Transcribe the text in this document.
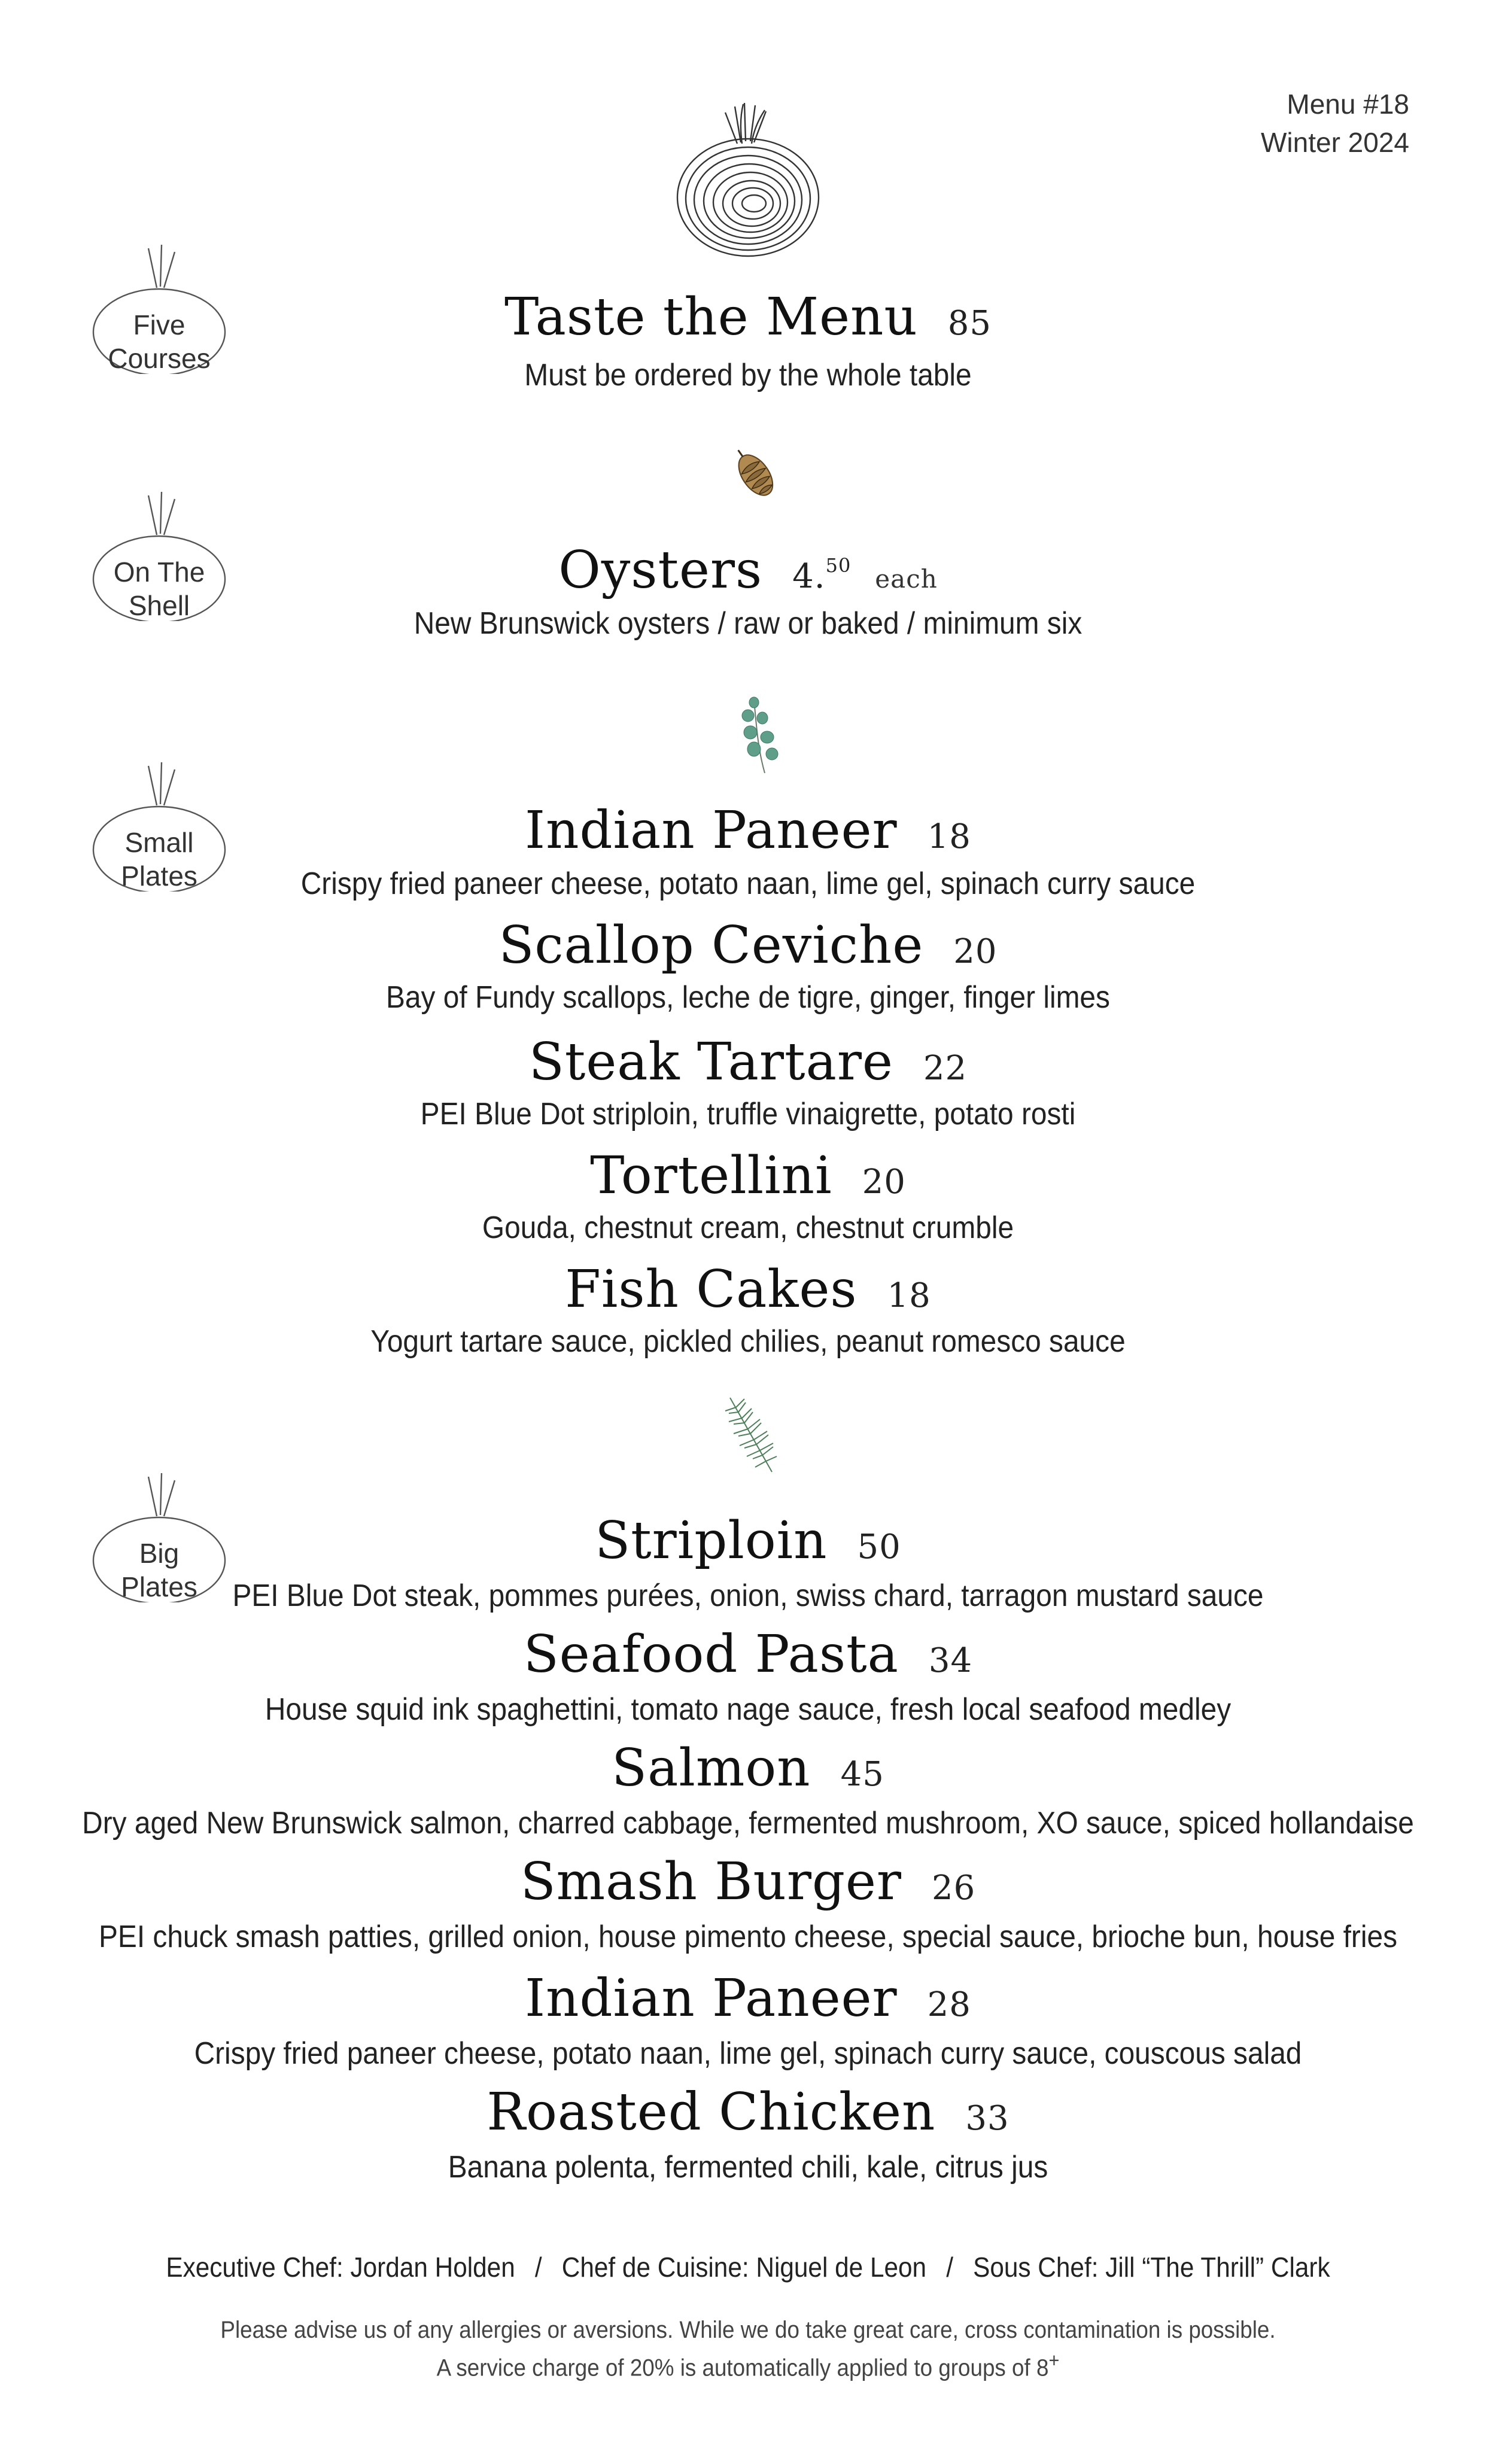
Menu #18
Winter 2024
Five
Courses
On The
Shell
Small
Plates
Big
Plates
Taste the Menu 85
Must be ordered by the whole table
Oysters 4.50 each
New Brunswick oysters / raw or baked / minimum six
Indian Paneer 18
Crispy fried paneer cheese, potato naan, lime gel, spinach curry sauce
Scallop Ceviche 20
Bay of Fundy scallops, leche de tigre, ginger, finger limes
Steak Tartare 22
PEI Blue Dot striploin, truffle vinaigrette, potato rosti
Tortellini 20
Gouda, chestnut cream, chestnut crumble
Fish Cakes 18
Yogurt tartare sauce, pickled chilies, peanut romesco sauce
Striploin 50
PEI Blue Dot steak, pommes purées, onion, swiss chard, tarragon mustard sauce
Seafood Pasta 34
House squid ink spaghettini, tomato nage sauce, fresh local seafood medley
Salmon 45
Dry aged New Brunswick salmon, charred cabbage, fermented mushroom, XO sauce, spiced hollandaise
Smash Burger 26
PEI chuck smash patties, grilled onion, house pimento cheese, special sauce, brioche bun, house fries
Indian Paneer 28
Crispy fried paneer cheese, potato naan, lime gel, spinach curry sauce, couscous salad
Roasted Chicken 33
Banana polenta, fermented chili, kale, citrus jus
Executive Chef: Jordan Holden / Chef de Cuisine: Niguel de Leon / Sous Chef: Jill “The Thrill” Clark
Please advise us of any allergies or aversions. While we do take great care, cross contamination is possible.
A service charge of 20% is automatically applied to groups of 8+
